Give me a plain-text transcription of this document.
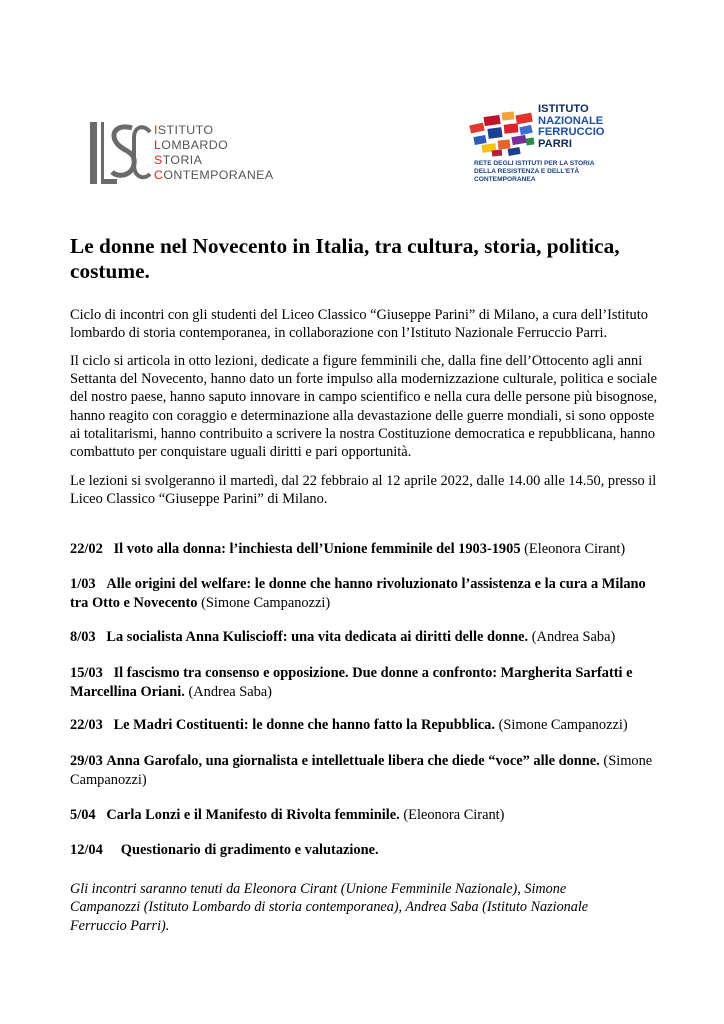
ISTITUTO
LOMBARDO
STORIA
CONTEMPORANEA
ISTITUTO
NAZIONALE
FERRUCCIO
PARRI
RETE DEGLI ISTITUTI PER LA STORIA
DELLA RESISTENZA E DELL'ETÀ
CONTEMPORANEA
Le donne nel Novecento in Italia, tra cultura, storia, politica, costume.

Ciclo di incontri con gli studenti del Liceo Classico “Giuseppe Parini” di Milano, a cura dell’Istituto lombardo di storia contemporanea, in collaborazione con l’Istituto Nazionale Ferruccio Parri.

Il ciclo si articola in otto lezioni, dedicate a figure femminili che, dalla fine dell’Ottocento agli anni Settanta del Novecento, hanno dato un forte impulso alla modernizzazione culturale, politica e sociale del nostro paese, hanno saputo innovare in campo scientifico e nella cura delle persone più bisognose, hanno reagito con coraggio e determinazione alla devastazione delle guerre mondiali, si sono opposte ai totalitarismi, hanno contribuito a scrivere la nostra Costituzione democratica e repubblicana, hanno combattuto per conquistare uguali diritti e pari opportunità.

Le lezioni si svolgeranno il martedì, dal 22 febbraio al 12 aprile 2022, dalle 14.00 alle 14.50, presso il Liceo Classico “Giuseppe Parini” di Milano.

22/02 Il voto alla donna: l’inchiesta dell’Unione femminile del 1903-1905 (Eleonora Cirant)

1/03 Alle origini del welfare: le donne che hanno rivoluzionato l’assistenza e la cura a Milano tra Otto e Novecento (Simone Campanozzi)

8/03 La socialista Anna Kuliscioff: una vita dedicata ai diritti delle donne. (Andrea Saba)

15/03 Il fascismo tra consenso e opposizione. Due donne a confronto: Margherita Sarfatti e Marcellina Oriani. (Andrea Saba)

22/03 Le Madri Costituenti: le donne che hanno fatto la Repubblica. (Simone Campanozzi)

29/03 Anna Garofalo, una giornalista e intellettuale libera che diede “voce” alle donne. (Simone Campanozzi)

5/04 Carla Lonzi e il Manifesto di Rivolta femminile. (Eleonora Cirant)

12/04 Questionario di gradimento e valutazione.

Gli incontri saranno tenuti da Eleonora Cirant (Unione Femminile Nazionale), Simone Campanozzi (Istituto Lombardo di storia contemporanea), Andrea Saba (Istituto Nazionale Ferruccio Parri).
